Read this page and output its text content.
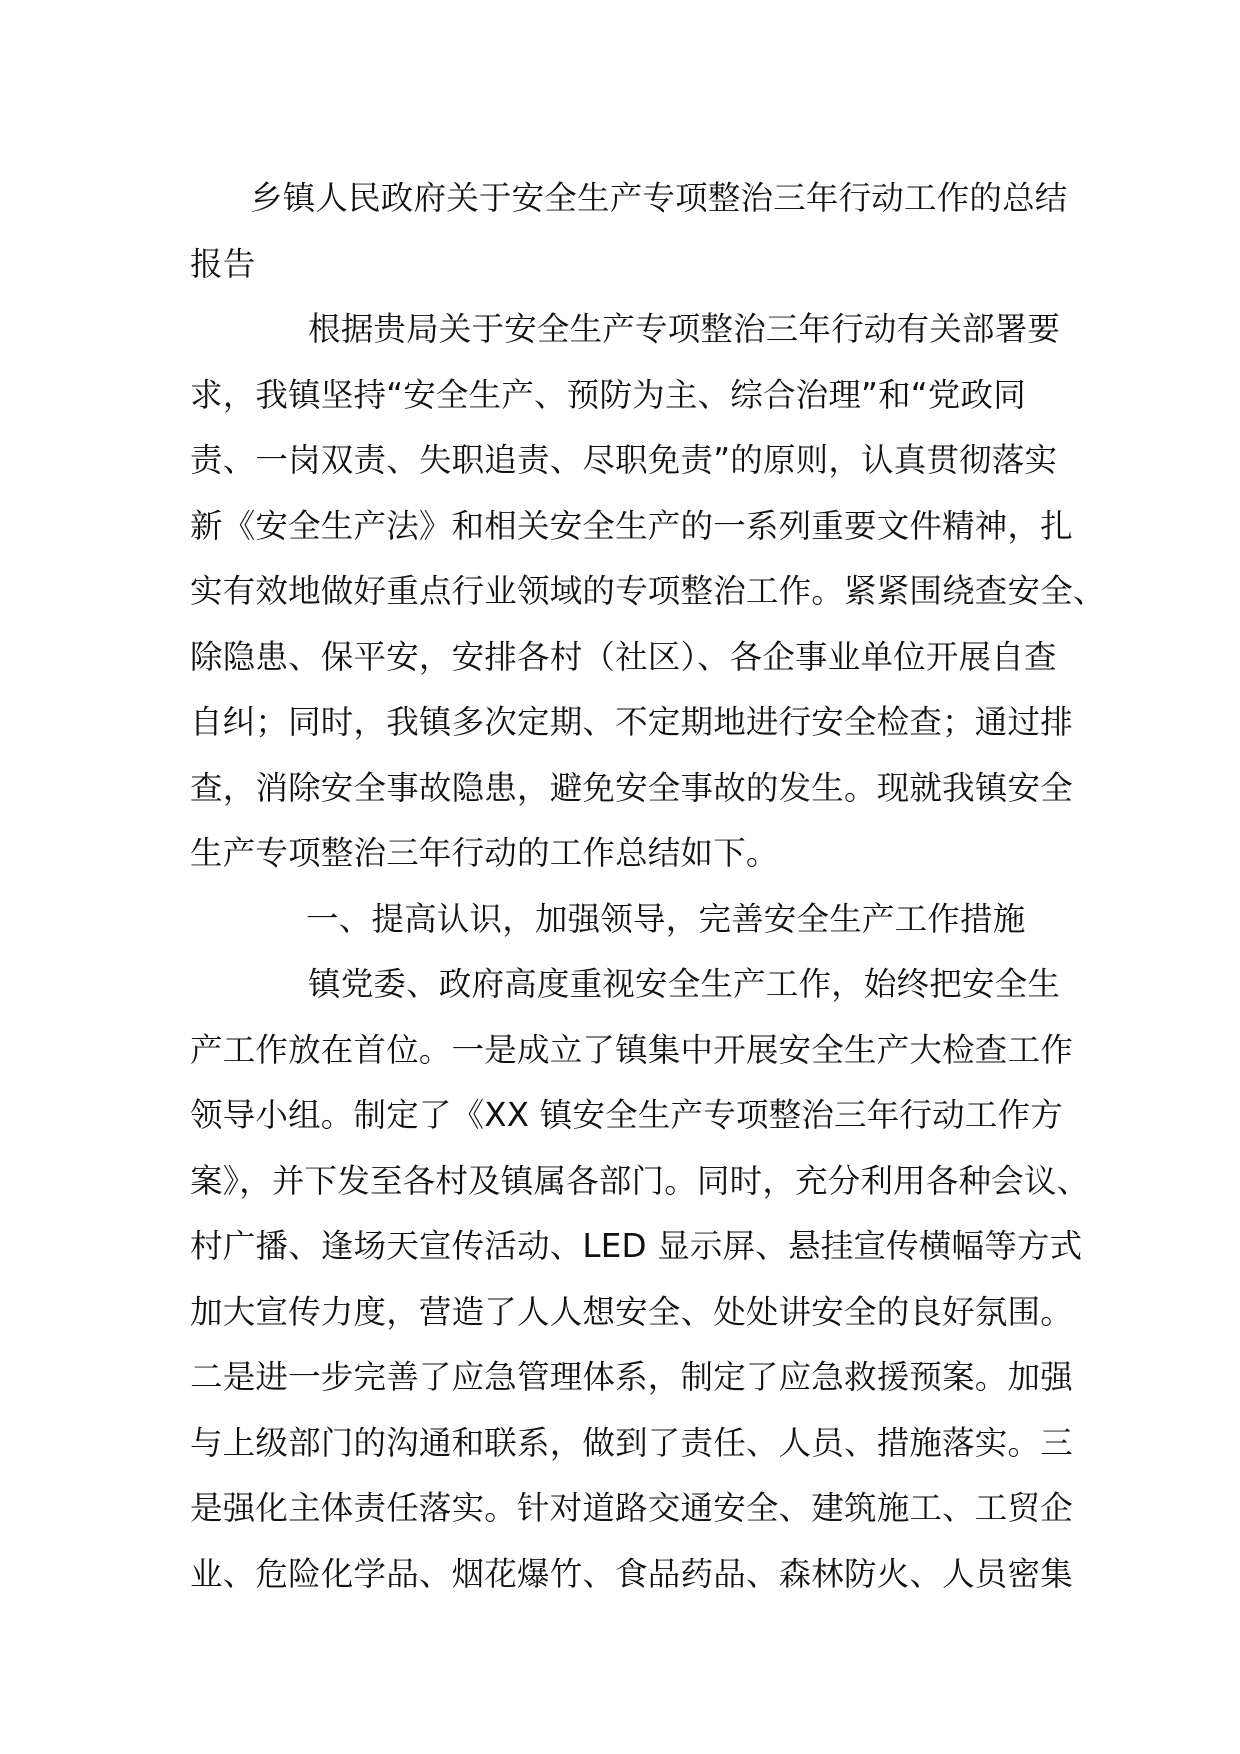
乡镇人民政府关于安全生产专项整治三年行动工作的总结
报告
根据贵局关于安全生产专项整治三年行动有关部署要
求，我镇坚持“安全生产、预防为主、综合治理”和“党政同
责、一岗双责、失职追责、尽职免责”的原则，认真贯彻落实
新《安全生产法》和相关安全生产的一系列重要文件精神，扎
实有效地做好重点行业领域的专项整治工作。紧紧围绕查安全、
除隐患、保平安，安排各村（社区）、各企事业单位开展自查
自纠；同时，我镇多次定期、不定期地进行安全检查；通过排
查，消除安全事故隐患，避免安全事故的发生。现就我镇安全
生产专项整治三年行动的工作总结如下。
一、提高认识，加强领导，完善安全生产工作措施
镇党委、政府高度重视安全生产工作，始终把安全生
产工作放在首位。一是成立了镇集中开展安全生产大检查工作
领导小组。制定了《XX 镇安全生产专项整治三年行动工作方
案》，并下发至各村及镇属各部门。同时，充分利用各种会议、
村广播、逢场天宣传活动、LED 显示屏、悬挂宣传横幅等方式
加大宣传力度，营造了人人想安全、处处讲安全的良好氛围。
二是进一步完善了应急管理体系，制定了应急救援预案。加强
与上级部门的沟通和联系，做到了责任、人员、措施落实。三
是强化主体责任落实。针对道路交通安全、建筑施工、工贸企
业、危险化学品、烟花爆竹、食品药品、森林防火、人员密集
